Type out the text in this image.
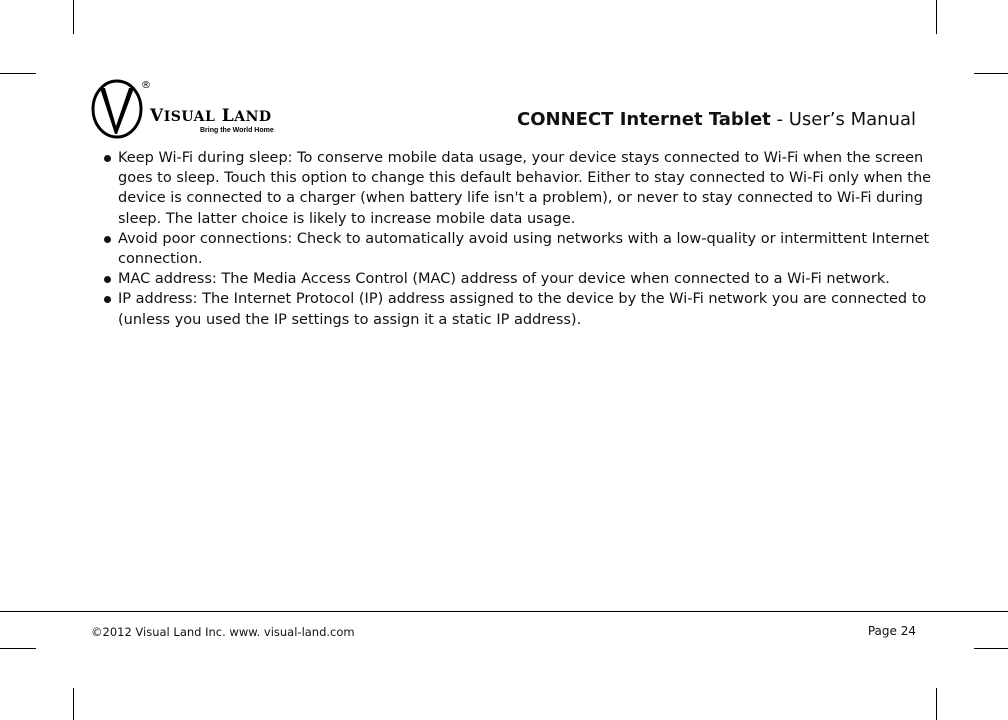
®
VISUAL LAND
Bring the World Home
CONNECT Internet Tablet - User’s Manual

Keep Wi-Fi during sleep: To conserve mobile data usage, your device stays connected to Wi-Fi when the screen goes to sleep. Touch this option to change this default behavior. Either to stay connected to Wi-Fi only when the device is connected to a charger (when battery life isn't a problem), or never to stay connected to Wi-Fi during sleep. The latter choice is likely to increase mobile data usage.

Avoid poor connections: Check to automatically avoid using networks with a low-quality or intermittent Internet connection.

MAC address: The Media Access Control (MAC) address of your device when connected to a Wi-Fi network.

IP address: The Internet Protocol (IP) address assigned to the device by the Wi-Fi network you are connected to (unless you used the IP settings to assign it a static IP address).

©2012 Visual Land Inc. www. visual-land.com	Page 24
